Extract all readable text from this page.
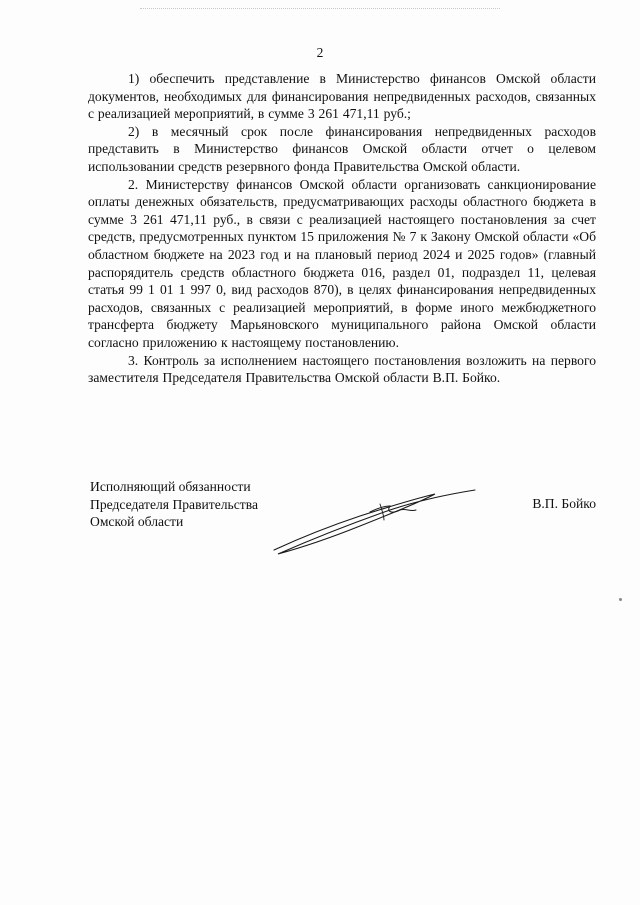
2

1) обеспечить представление в Министерство финансов Омской области документов, необходимых для финансирования непредвиденных расходов, связанных с реализацией мероприятий, в сумме 3 261 471,11 руб.;

2) в месячный срок после финансирования непредвиденных расходов представить в Министерство финансов Омской области отчет о целевом использовании средств резервного фонда Правительства Омской области.

2. Министерству финансов Омской области организовать санкционирование оплаты денежных обязательств, предусматривающих расходы областного бюджета в сумме 3 261 471,11 руб., в связи с реализацией настоящего постановления за счет средств, предусмотренных пунктом 15 приложения № 7 к Закону Омской области «Об областном бюджете на 2023 год и на плановый период 2024 и 2025 годов» (главный распорядитель средств областного бюджета 016, раздел 01, подраздел 11, целевая статья 99 1 01 1 997 0, вид расходов 870), в целях финансирования непредвиденных расходов, связанных с реализацией мероприятий, в форме иного межбюджетного трансферта бюджету Марьяновского муниципального района Омской области согласно приложению к настоящему постановлению.

3. Контроль за исполнением настоящего постановления возложить на первого заместителя Председателя Правительства Омской области В.П. Бойко.

Исполняющий обязанности
Председателя Правительства
Омской области
В.П. Бойко
